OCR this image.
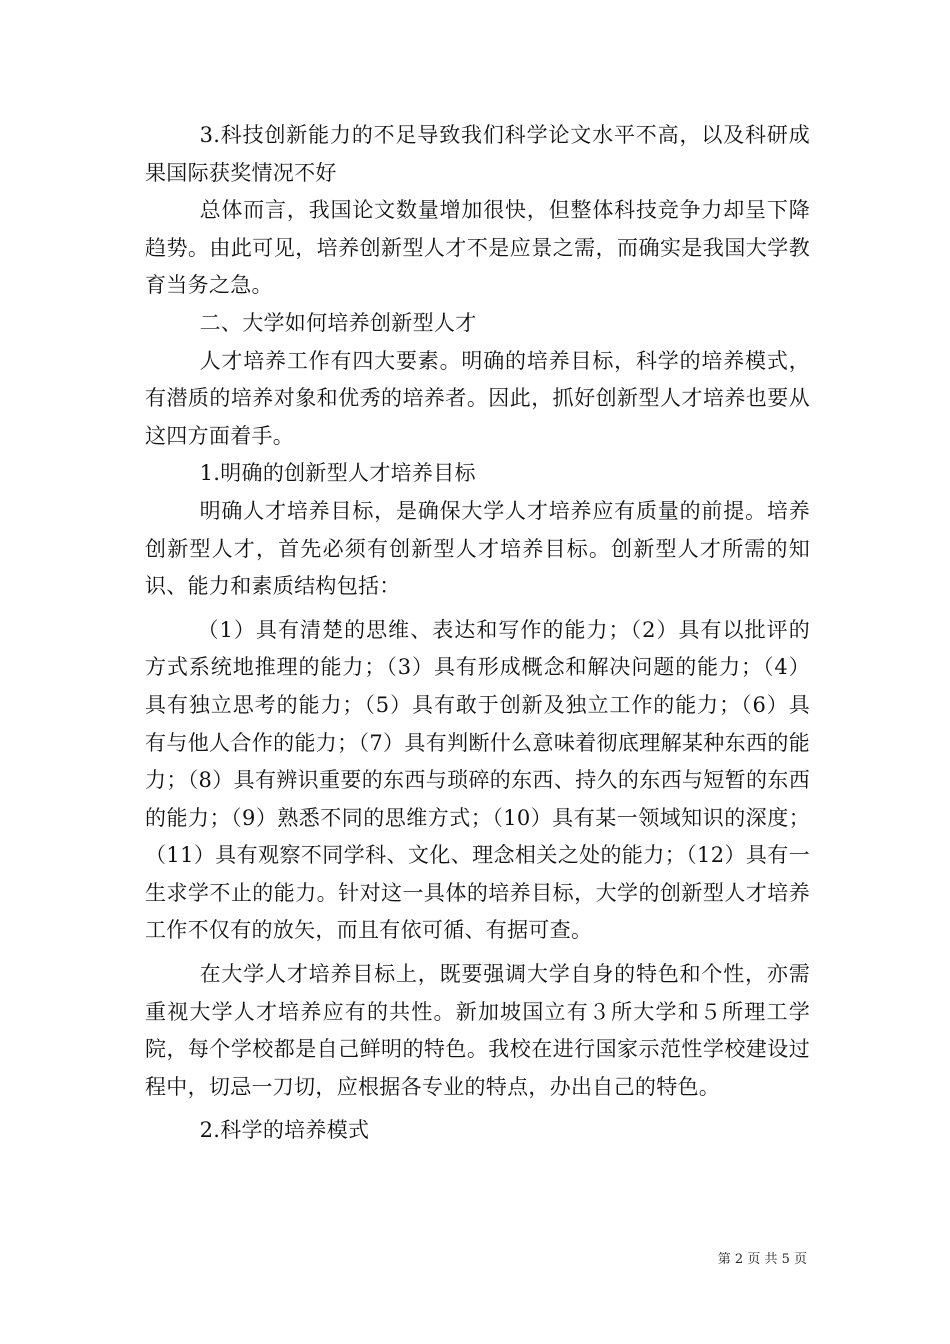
3.科技创新能力的不足导致我们科学论文水平不高，以及科研成果国际获奖情况不好

总体而言，我国论文数量增加很快，但整体科技竞争力却呈下降趋势。由此可见，培养创新型人才不是应景之需，而确实是我国大学教育当务之急。

二、大学如何培养创新型人才

人才培养工作有四大要素。明确的培养目标，科学的培养模式，有潜质的培养对象和优秀的培养者。因此，抓好创新型人才培养也要从这四方面着手。

1.明确的创新型人才培养目标

明确人才培养目标，是确保大学人才培养应有质量的前提。培养创新型人才，首先必须有创新型人才培养目标。创新型人才所需的知识、能力和素质结构包括：

（1）具有清楚的思维、表达和写作的能力；（2）具有以批评的方式系统地推理的能力；（3）具有形成概念和解决问题的能力；（4）具有独立思考的能力；（5）具有敢于创新及独立工作的能力；（6）具有与他人合作的能力；（7）具有判断什么意味着彻底理解某种东西的能力；（8）具有辨识重要的东西与琐碎的东西、持久的东西与短暂的东西的能力；（9）熟悉不同的思维方式；（10）具有某一领域知识的深度；（11）具有观察不同学科、文化、理念相关之处的能力；（12）具有一生求学不止的能力。针对这一具体的培养目标，大学的创新型人才培养工作不仅有的放矢，而且有依可循、有据可查。

在大学人才培养目标上，既要强调大学自身的特色和个性，亦需重视大学人才培养应有的共性。新加坡国立有３所大学和５所理工学院，每个学校都是自己鲜明的特色。我校在进行国家示范性学校建设过程中，切忌一刀切，应根据各专业的特点，办出自己的特色。

2.科学的培养模式

第 2 页 共 5 页
